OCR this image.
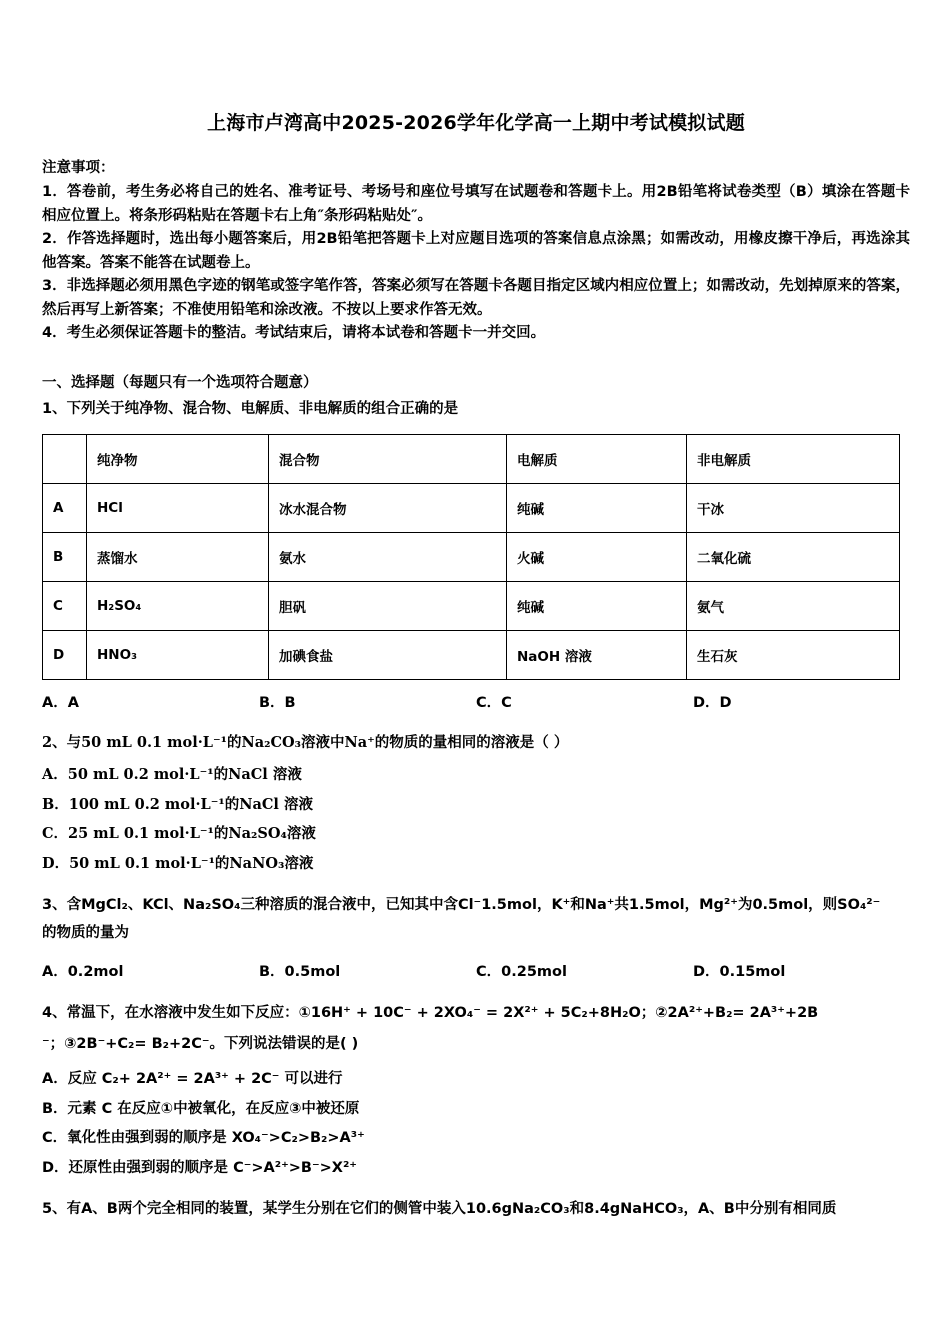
上海市卢湾高中2025-2026学年化学高一上期中考试模拟试题
注意事项：
1．答卷前，考生务必将自己的姓名、准考证号、考场号和座位号填写在试题卷和答题卡上。用2B铅笔将试卷类型（B）填涂在答题卡相应位置上。将条形码粘贴在答题卡右上角″条形码粘贴处″。
2．作答选择题时，选出每小题答案后，用2B铅笔把答题卡上对应题目选项的答案信息点涂黑；如需改动，用橡皮擦干净后，再选涂其他答案。答案不能答在试题卷上。
3．非选择题必须用黑色字迹的钢笔或签字笔作答，答案必须写在答题卡各题目指定区域内相应位置上；如需改动，先划掉原来的答案，然后再写上新答案；不准使用铅笔和涂改液。不按以上要求作答无效。
4．考生必须保证答题卡的整洁。考试结束后，请将本试卷和答题卡一并交回。
一、选择题（每题只有一个选项符合题意）
1、下列关于纯净物、混合物、电解质、非电解质的组合正确的是
	纯净物	混合物	电解质	非电解质
A	HCl	冰水混合物	纯碱	干冰
B	蒸馏水	氨水	火碱	二氧化硫
C	H₂SO₄	胆矾	纯碱	氨气
D	HNO₃	加碘食盐	NaOH 溶液	生石灰
A．A	B．B	C．C	D．D
2、与50 mL 0.1 mol·L⁻¹的Na₂CO₃溶液中Na⁺的物质的量相同的溶液是（ ）
A．50 mL 0.2 mol·L⁻¹的NaCl 溶液
B．100 mL 0.2 mol·L⁻¹的NaCl 溶液
C．25 mL 0.1 mol·L⁻¹的Na₂SO₄溶液
D．50 mL 0.1 mol·L⁻¹的NaNO₃溶液
3、含MgCl₂、KCl、Na₂SO₄三种溶质的混合液中，已知其中含Cl⁻1.5mol，K⁺和Na⁺共1.5mol，Mg²⁺为0.5mol，则SO₄²⁻
的物质的量为
A．0.2mol	B．0.5mol	C．0.25mol	D．0.15mol
4、常温下，在水溶液中发生如下反应：①16H⁺ + 10C⁻ + 2XO₄⁻ = 2X²⁺ + 5C₂+8H₂O；②2A²⁺+B₂= 2A³⁺+2B
⁻；③2B⁻+C₂= B₂+2C⁻。下列说法错误的是( )
A．反应 C₂+ 2A²⁺ = 2A³⁺ + 2C⁻ 可以进行
B．元素 C 在反应①中被氧化，在反应③中被还原
C．氧化性由强到弱的顺序是 XO₄⁻>C₂>B₂>A³⁺
D．还原性由强到弱的顺序是 C⁻>A²⁺>B⁻>X²⁺
5、有A、B两个完全相同的装置，某学生分别在它们的侧管中装入10.6gNa₂CO₃和8.4gNaHCO₃，A、B中分别有相同质
